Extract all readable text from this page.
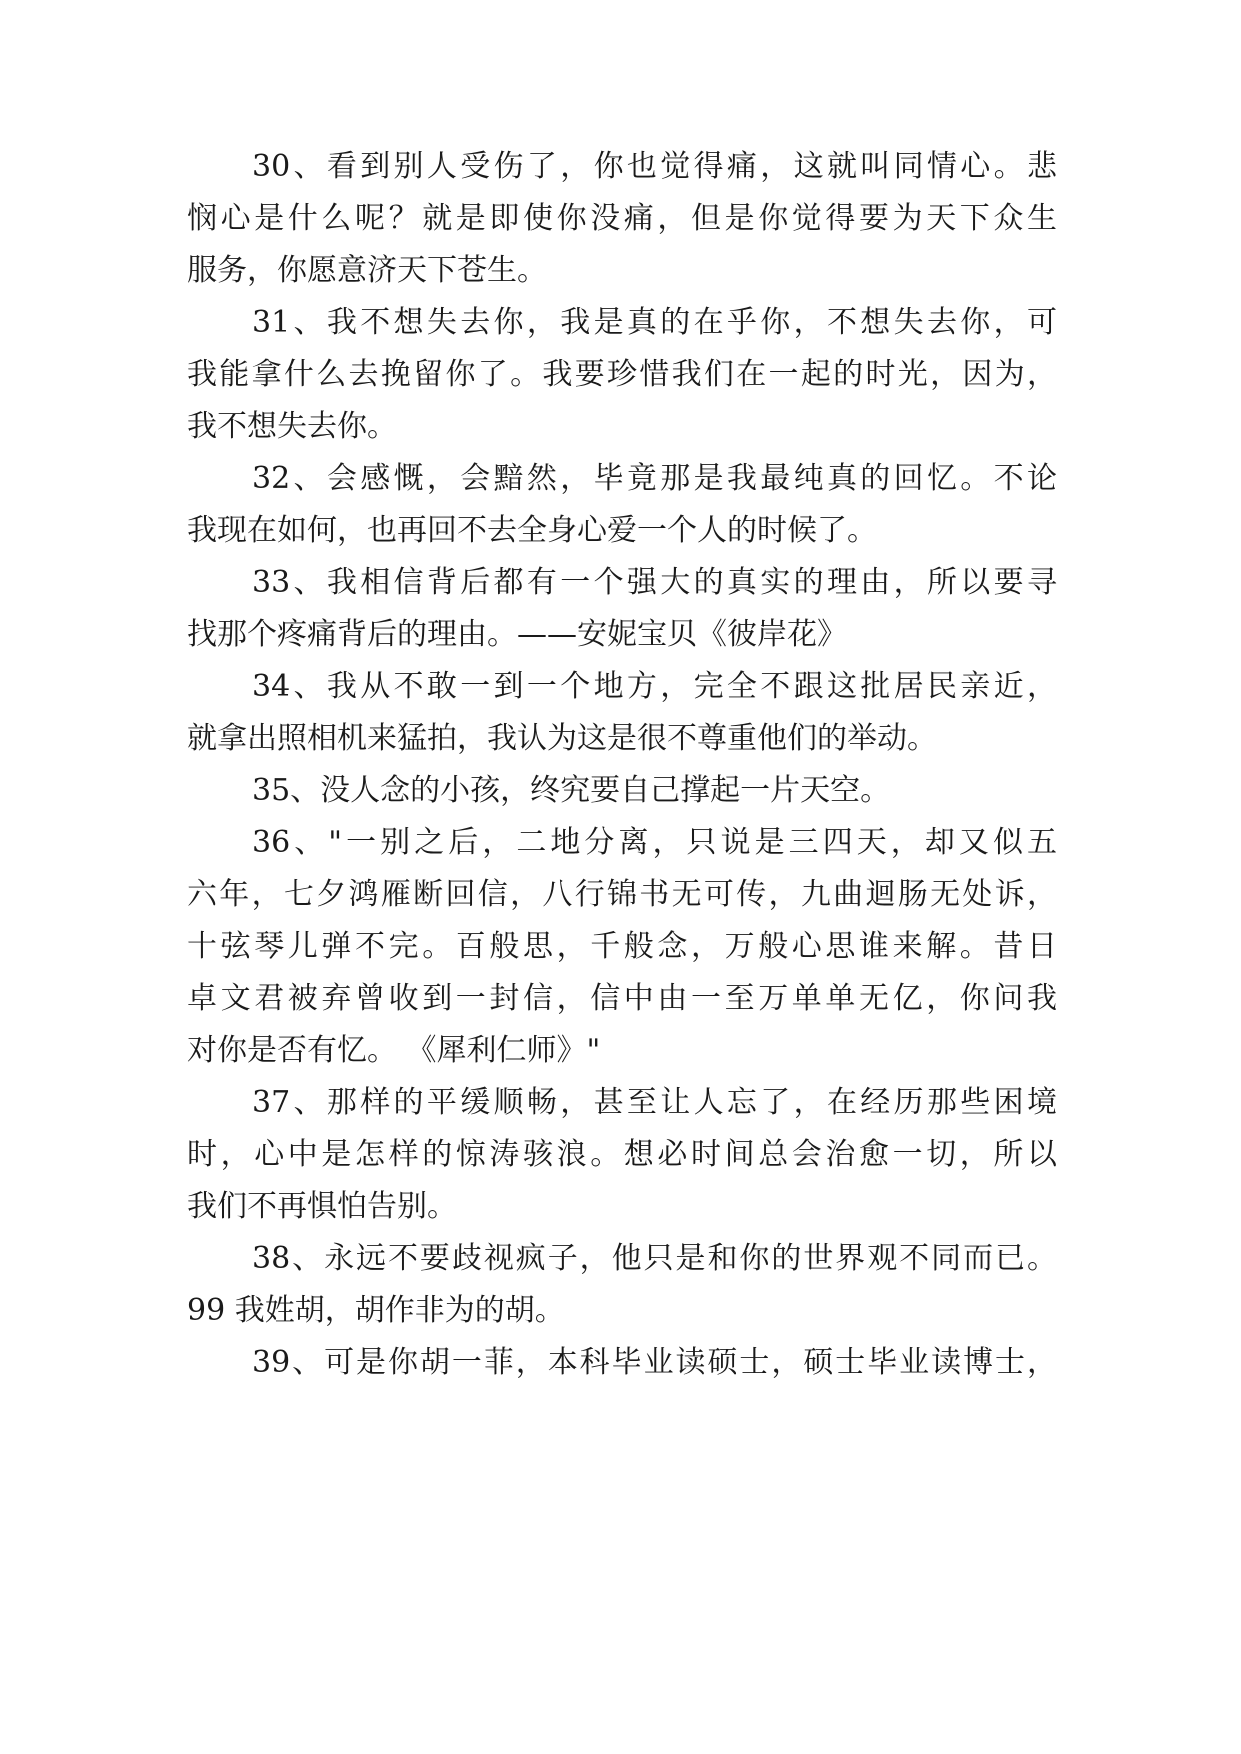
30、看到别人受伤了，你也觉得痛，这就叫同情心。悲
悯心是什么呢？就是即使你没痛，但是你觉得要为天下众生
服务，你愿意济天下苍生。
31、我不想失去你，我是真的在乎你，不想失去你，可
我能拿什么去挽留你了。我要珍惜我们在一起的时光，因为，
我不想失去你。
32、会感慨，会黯然，毕竟那是我最纯真的回忆。不论
我现在如何，也再回不去全身心爱一个人的时候了。
33、我相信背后都有一个强大的真实的理由，所以要寻
找那个疼痛背后的理由。——安妮宝贝《彼岸花》
34、我从不敢一到一个地方，完全不跟这批居民亲近，
就拿出照相机来猛拍，我认为这是很不尊重他们的举动。
35、没人念的小孩，终究要自己撑起一片天空。
36、"一别之后，二地分离，只说是三四天，却又似五
六年，七夕鸿雁断回信，八行锦书无可传，九曲迴肠无处诉，
十弦琴儿弹不完。百般思，千般念，万般心思谁来解。昔日
卓文君被弃曾收到一封信，信中由一至万单单无亿，你问我
对你是否有忆。 《犀利仁师》"
37、那样的平缓顺畅，甚至让人忘了，在经历那些困境
时，心中是怎样的惊涛骇浪。想必时间总会治愈一切，所以
我们不再惧怕告别。
38、永远不要歧视疯子，他只是和你的世界观不同而已。
99 我姓胡，胡作非为的胡。
39、可是你胡一菲，本科毕业读硕士，硕士毕业读博士，
